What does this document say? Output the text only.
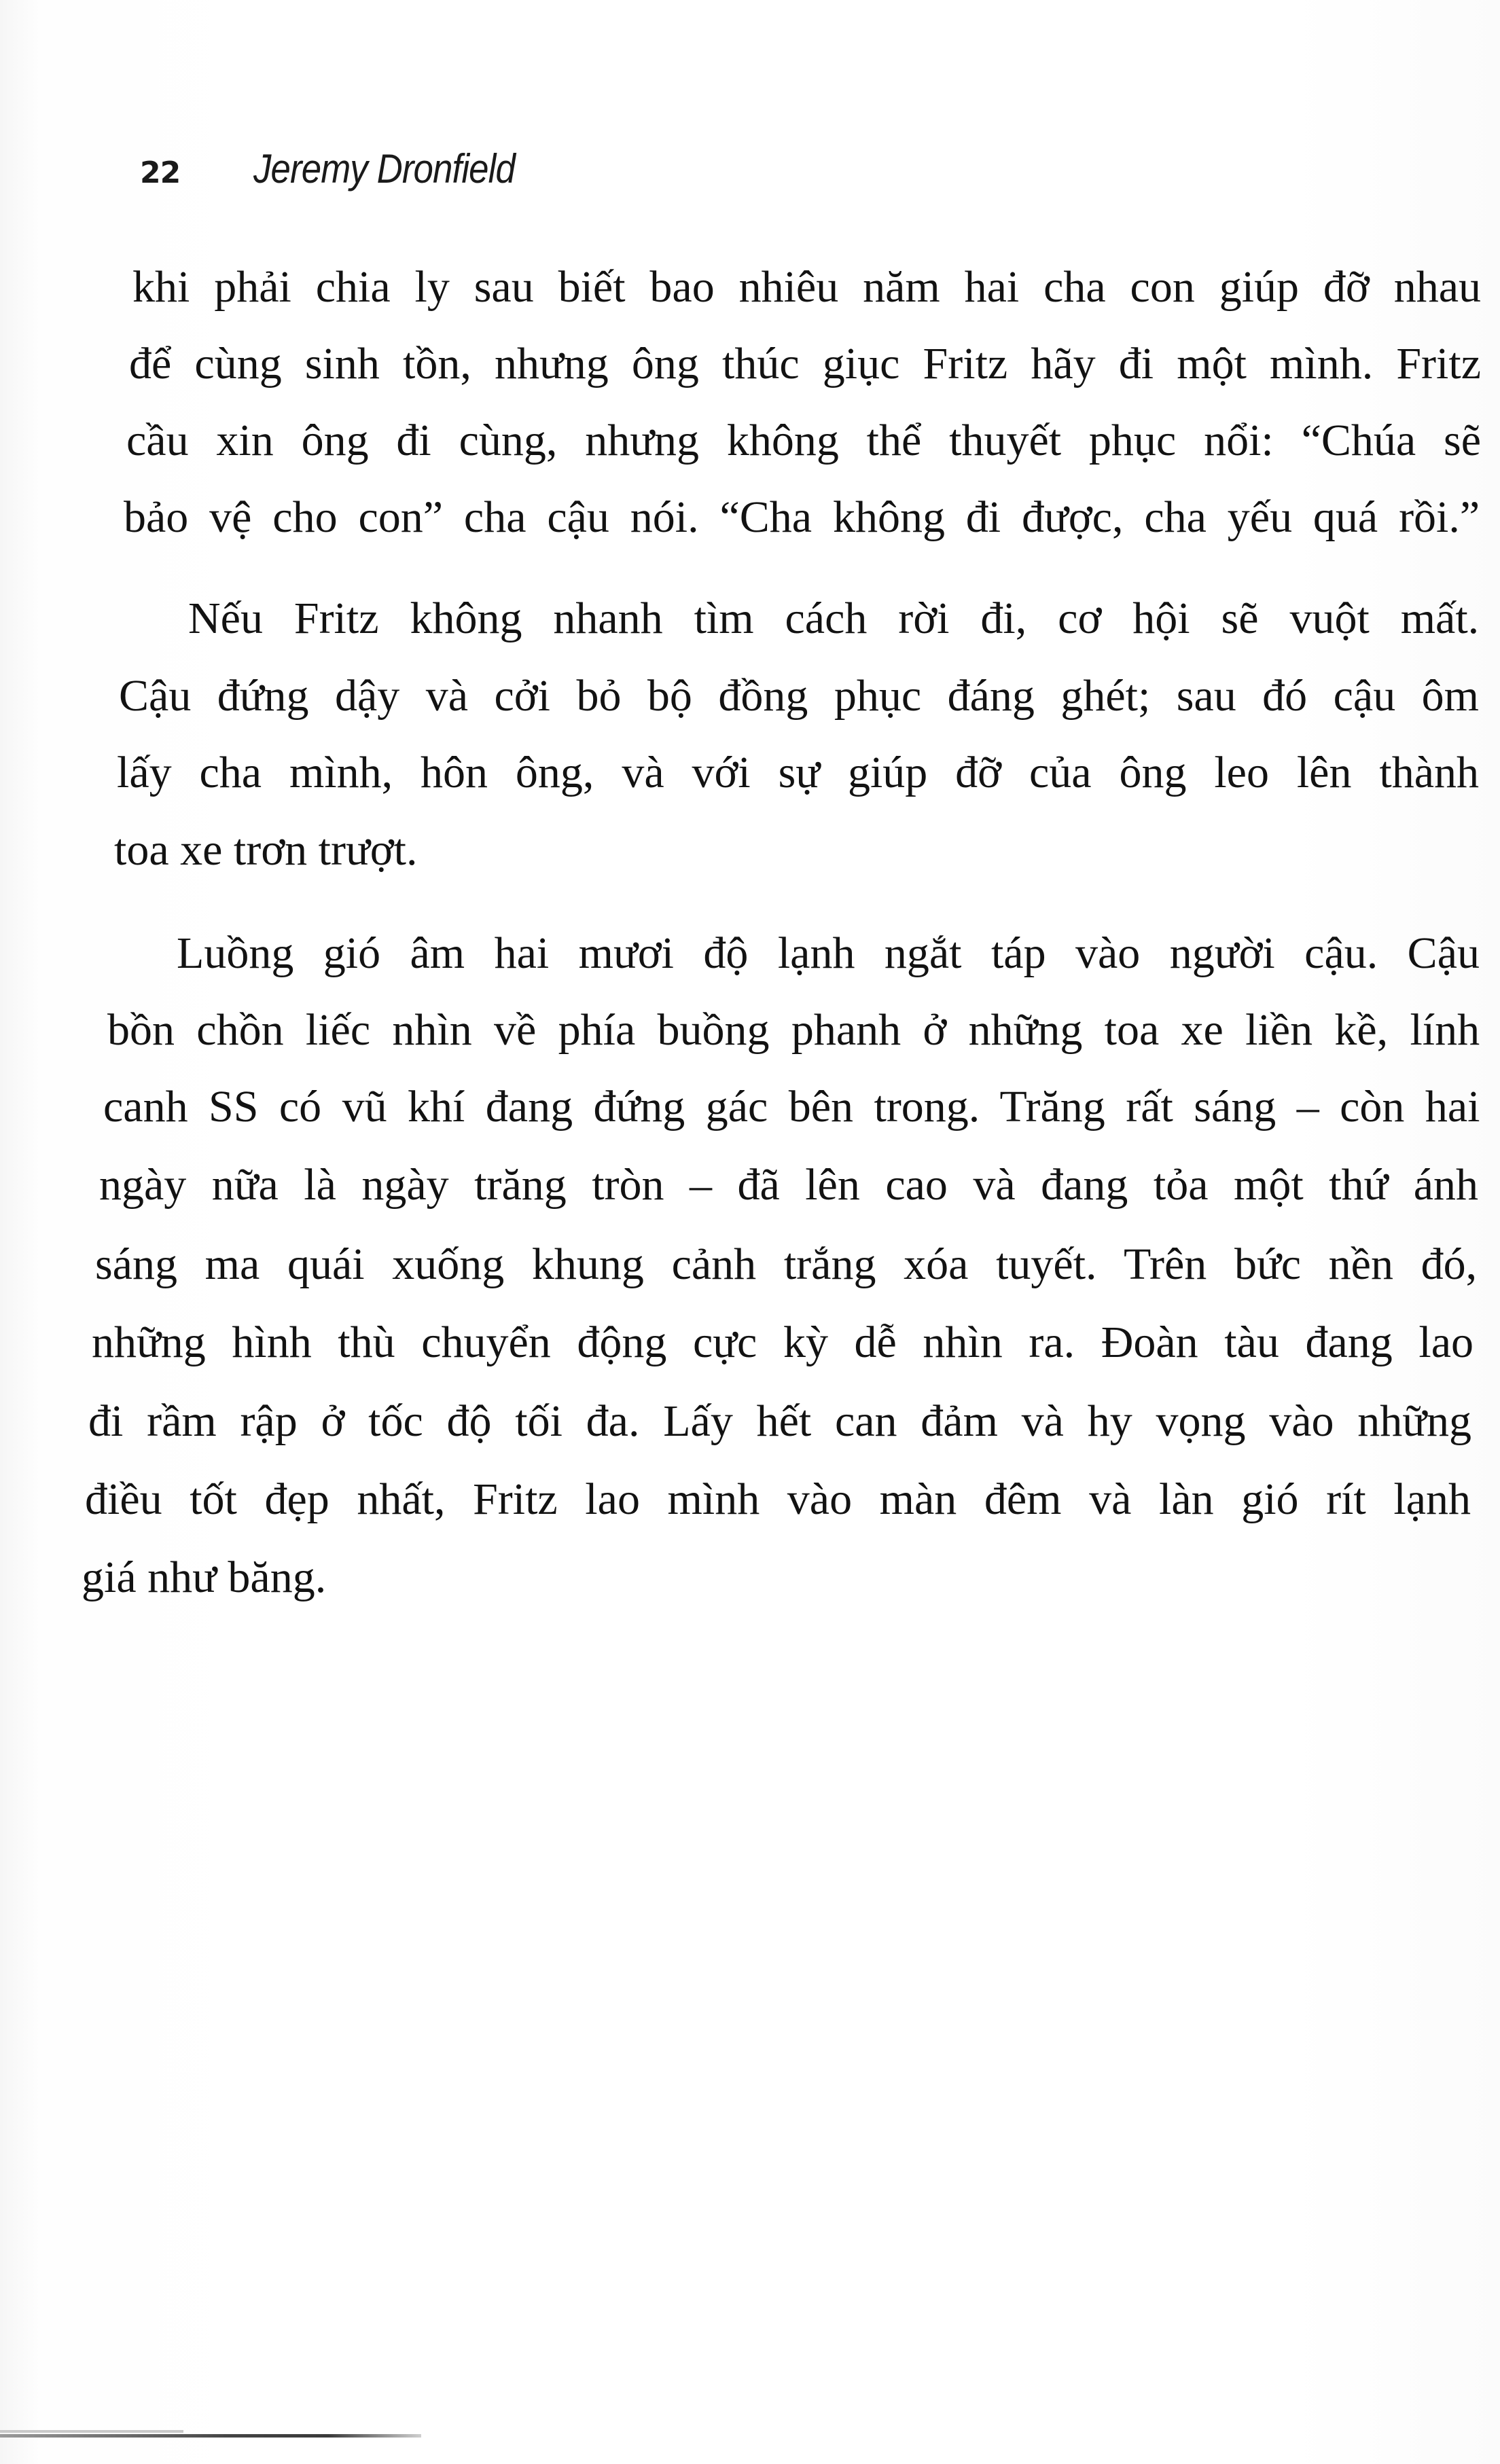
22 Jeremy Dronfield
khi phải chia ly sau biết bao nhiêu năm hai cha con giúp đỡ nhau
để cùng sinh tồn, nhưng ông thúc giục Fritz hãy đi một mình. Fritz
cầu xin ông đi cùng, nhưng không thể thuyết phục nổi: “Chúa sẽ
bảo vệ cho con” cha cậu nói. “Cha không đi được, cha yếu quá rồi.”
Nếu Fritz không nhanh tìm cách rời đi, cơ hội sẽ vuột mất.
Cậu đứng dậy và cởi bỏ bộ đồng phục đáng ghét; sau đó cậu ôm
lấy cha mình, hôn ông, và với sự giúp đỡ của ông leo lên thành
toa xe trơn trượt.
Luồng gió âm hai mươi độ lạnh ngắt táp vào người cậu. Cậu
bồn chồn liếc nhìn về phía buồng phanh ở những toa xe liền kề, lính
canh SS có vũ khí đang đứng gác bên trong. Trăng rất sáng – còn hai
ngày nữa là ngày trăng tròn – đã lên cao và đang tỏa một thứ ánh
sáng ma quái xuống khung cảnh trắng xóa tuyết. Trên bức nền đó,
những hình thù chuyển động cực kỳ dễ nhìn ra. Đoàn tàu đang lao
đi rầm rập ở tốc độ tối đa. Lấy hết can đảm và hy vọng vào những
điều tốt đẹp nhất, Fritz lao mình vào màn đêm và làn gió rít lạnh
giá như băng.
